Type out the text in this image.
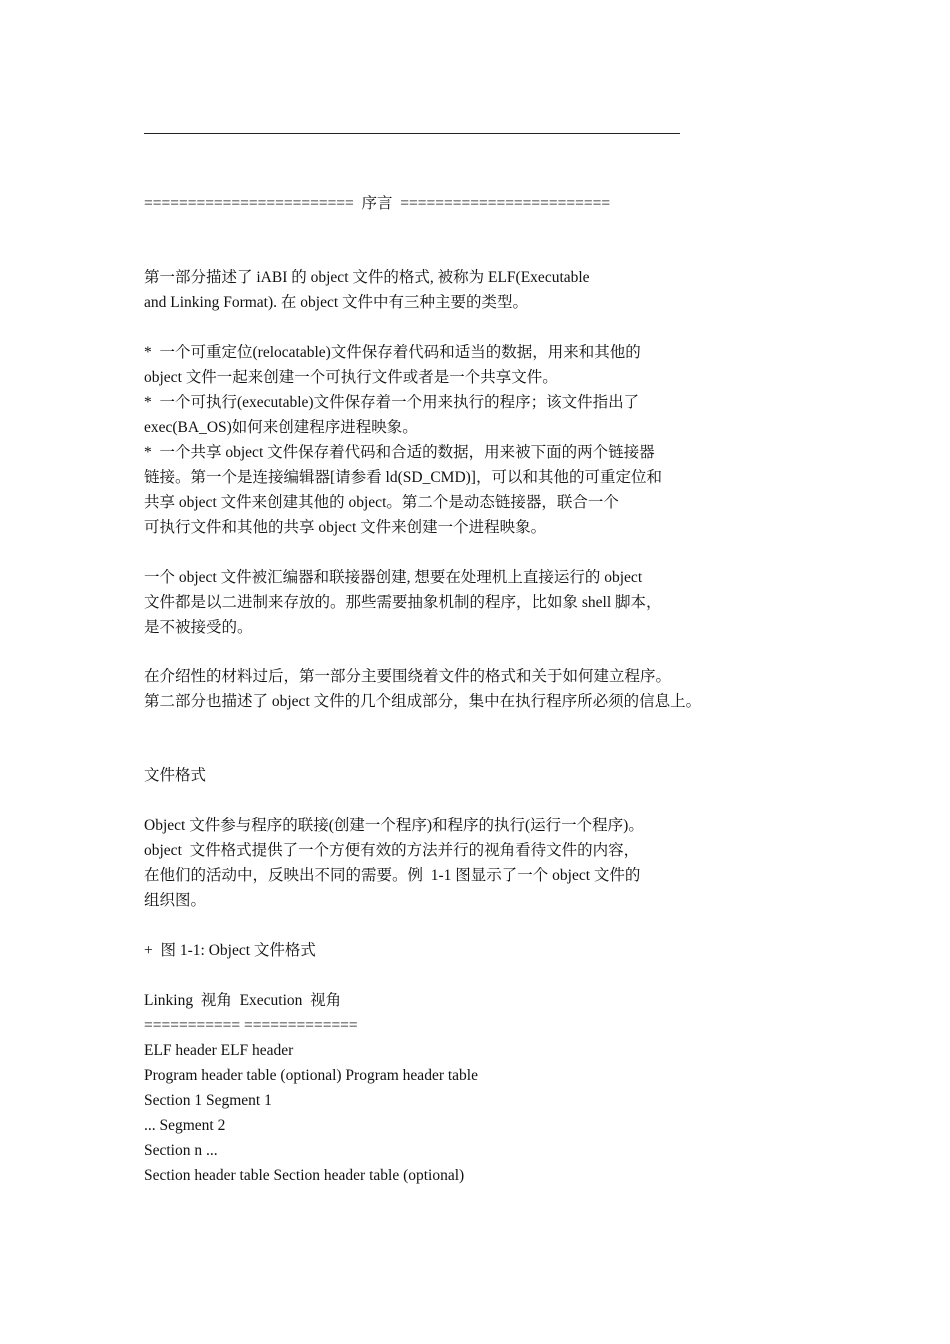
========================  序言  ========================
第一部分描述了 iABI 的 object 文件的格式, 被称为 ELF(Executable
and Linking Format). 在 object 文件中有三种主要的类型。
*  一个可重定位(relocatable)文件保存着代码和适当的数据，用来和其他的
object 文件一起来创建一个可执行文件或者是一个共享文件。
*  一个可执行(executable)文件保存着一个用来执行的程序；该文件指出了
exec(BA_OS)如何来创建程序进程映象。
*  一个共享 object 文件保存着代码和合适的数据，用来被下面的两个链接器
链接。第一个是连接编辑器[请参看 ld(SD_CMD)]，可以和其他的可重定位和
共享 object 文件来创建其他的 object。第二个是动态链接器，联合一个
可执行文件和其他的共享 object 文件来创建一个进程映象。
一个 object 文件被汇编器和联接器创建, 想要在处理机上直接运行的 object
文件都是以二进制来存放的。那些需要抽象机制的程序，比如象 shell 脚本，
是不被接受的。
在介绍性的材料过后，第一部分主要围绕着文件的格式和关于如何建立程序。
第二部分也描述了 object 文件的几个组成部分，集中在执行程序所必须的信息上。
文件格式
Object 文件参与程序的联接(创建一个程序)和程序的执行(运行一个程序)。
object  文件格式提供了一个方便有效的方法并行的视角看待文件的内容，
在他们的活动中，反映出不同的需要。例  1-1 图显示了一个 object 文件的
组织图。
+  图 1-1: Object 文件格式
Linking  视角  Execution  视角
=========== =============
ELF header ELF header
Program header table (optional) Program header table
Section 1 Segment 1
... Segment 2
Section n ...
Section header table Section header table (optional)
